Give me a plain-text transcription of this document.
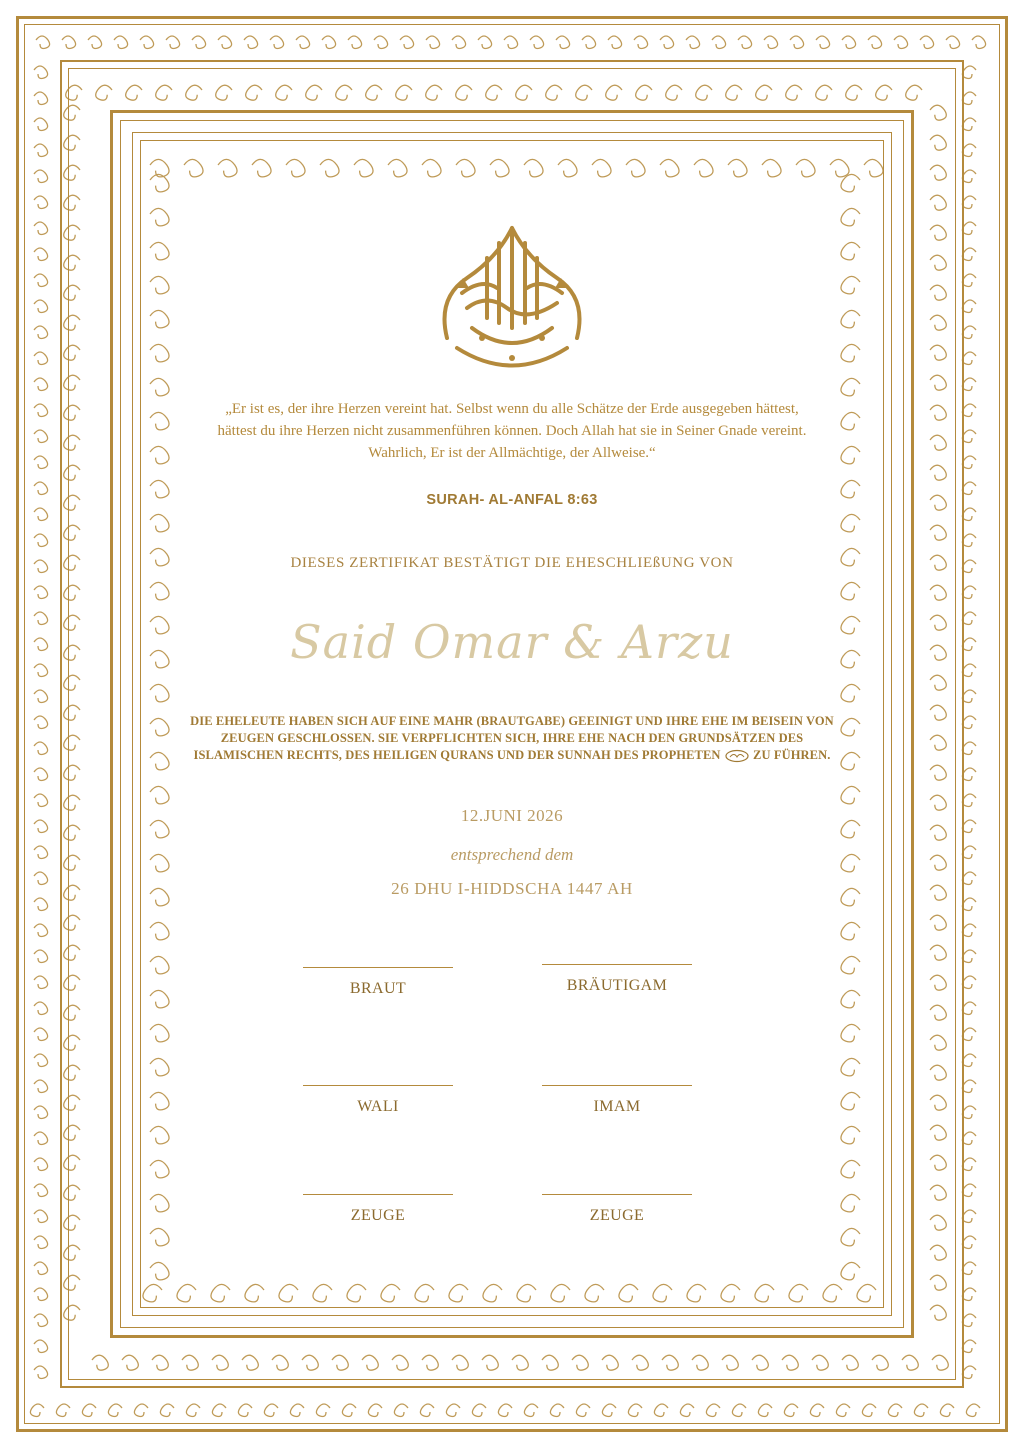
„Er ist es, der ihre Herzen vereint hat. Selbst wenn du alle Schätze der Erde ausgegeben hättest, hättest du ihre Herzen nicht zusammenführen können. Doch Allah hat sie in Seiner Gnade vereint. Wahrlich, Er ist der Allmächtige, der Allweise.“
SURAH- AL-ANFAL 8:63
DIESES ZERTIFIKAT BESTÄTIGT DIE EHESCHLIEßUNG VON
Said Omar & Arzu
DIE EHELEUTE HABEN SICH AUF EINE MAHR (BRAUTGABE) GEEINIGT UND IHRE EHE IM BEISEIN VON ZEUGEN GESCHLOSSEN. SIE VERPFLICHTEN SICH, IHRE EHE NACH DEN GRUNDSÄTZEN DES ISLAMISCHEN RECHTS, DES HEILIGEN QURANS UND DER SUNNAH DES PROPHETEN	ZU FÜHREN.
12.JUNI 2026
entsprechend dem
26 DHU I-HIDDSCHA 1447 AH
BRAUT	BRÄUTIGAM
WALI	IMAM
ZEUGE	ZEUGE
